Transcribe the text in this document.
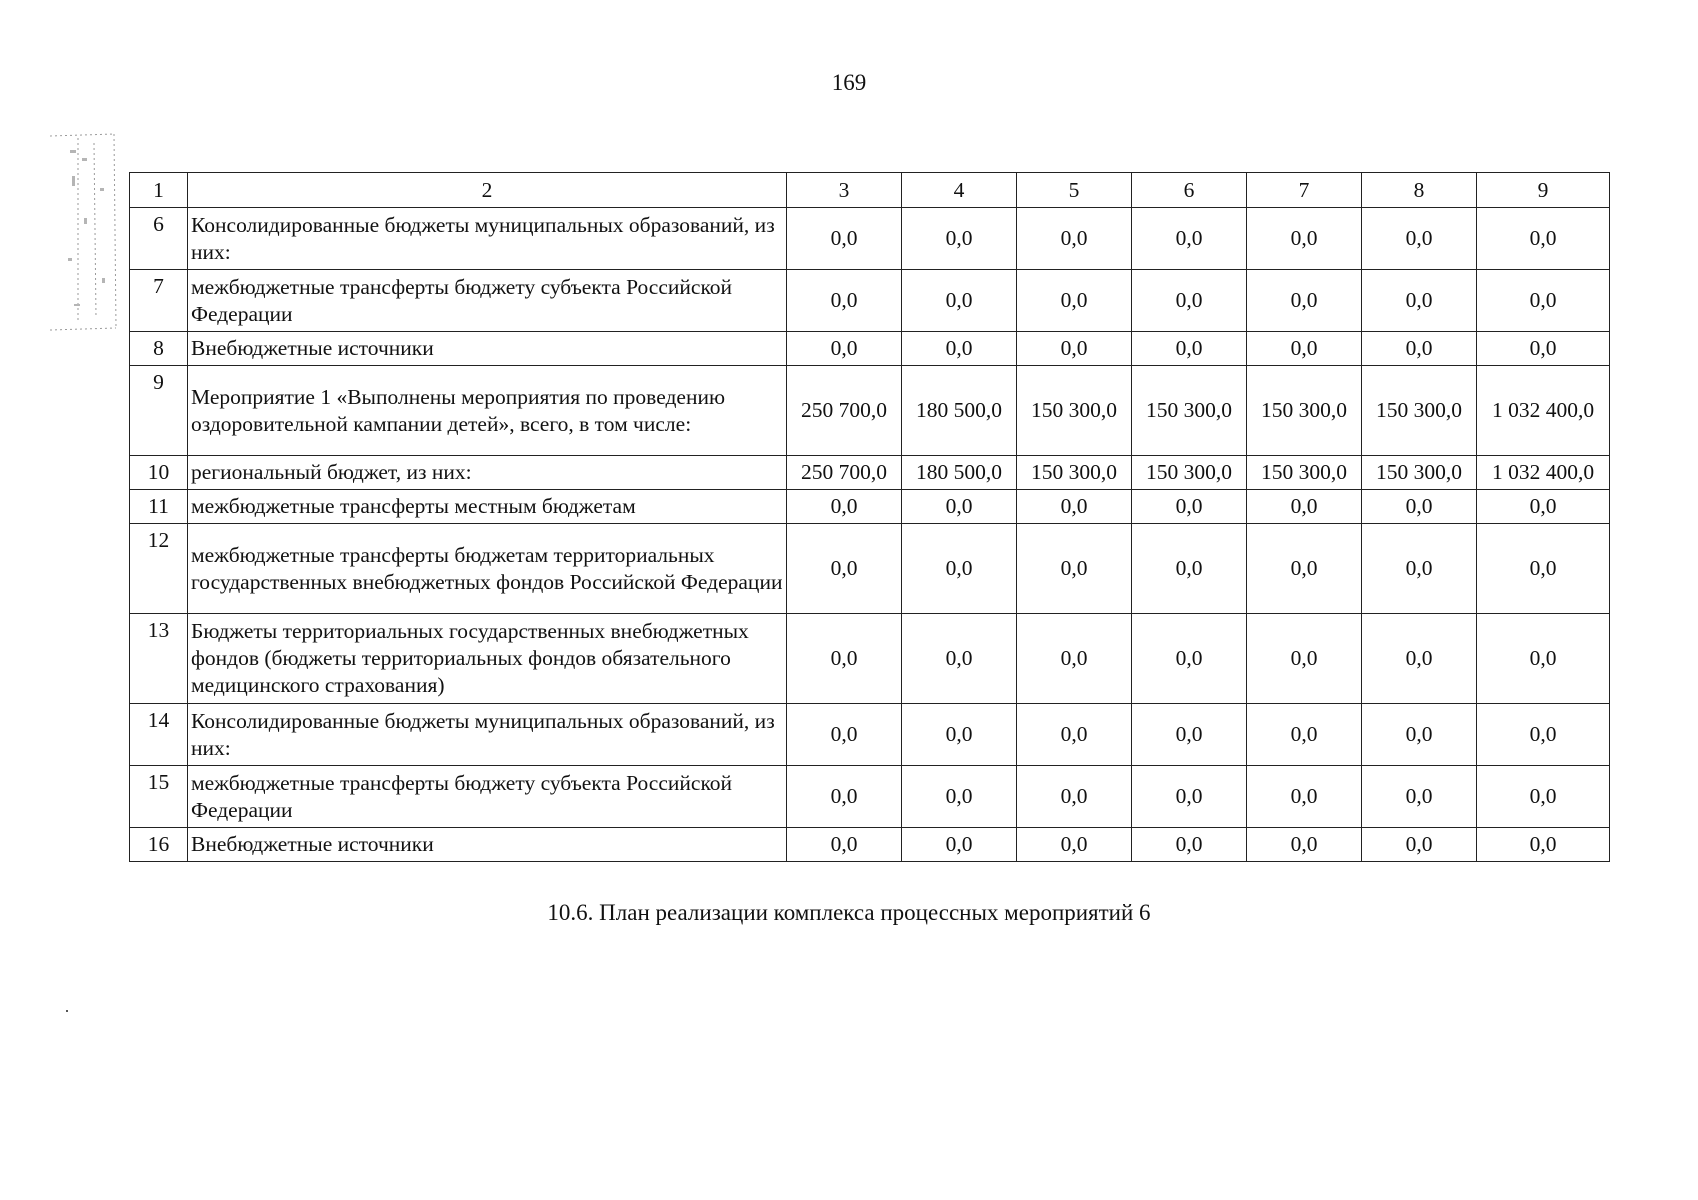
169
1	2	3	4	5	6	7	8	9
6	Консолидированные бюджеты муниципальных образований, из них:	0,0	0,0	0,0	0,0	0,0	0,0	0,0
7	межбюджетные трансферты бюджету субъекта Российской Федерации	0,0	0,0	0,0	0,0	0,0	0,0	0,0
8	Внебюджетные источники	0,0	0,0	0,0	0,0	0,0	0,0	0,0
9	Мероприятие 1 «Выполнены мероприятия по проведению оздоровительной кампании детей», всего, в том числе:	250 700,0	180 500,0	150 300,0	150 300,0	150 300,0	150 300,0	1 032 400,0
10	региональный бюджет, из них:	250 700,0	180 500,0	150 300,0	150 300,0	150 300,0	150 300,0	1 032 400,0
11	межбюджетные трансферты местным бюджетам	0,0	0,0	0,0	0,0	0,0	0,0	0,0
12	межбюджетные трансферты бюджетам территориальных государственных внебюджетных фондов Российской Федерации	0,0	0,0	0,0	0,0	0,0	0,0	0,0
13	Бюджеты территориальных государственных внебюджетных фондов (бюджеты территориальных фондов обязательного медицинского страхования)	0,0	0,0	0,0	0,0	0,0	0,0	0,0
14	Консолидированные бюджеты муниципальных образований, из них:	0,0	0,0	0,0	0,0	0,0	0,0	0,0
15	межбюджетные трансферты бюджету субъекта Российской Федерации	0,0	0,0	0,0	0,0	0,0	0,0	0,0
16	Внебюджетные источники	0,0	0,0	0,0	0,0	0,0	0,0	0,0
10.6. План реализации комплекса процессных мероприятий 6
